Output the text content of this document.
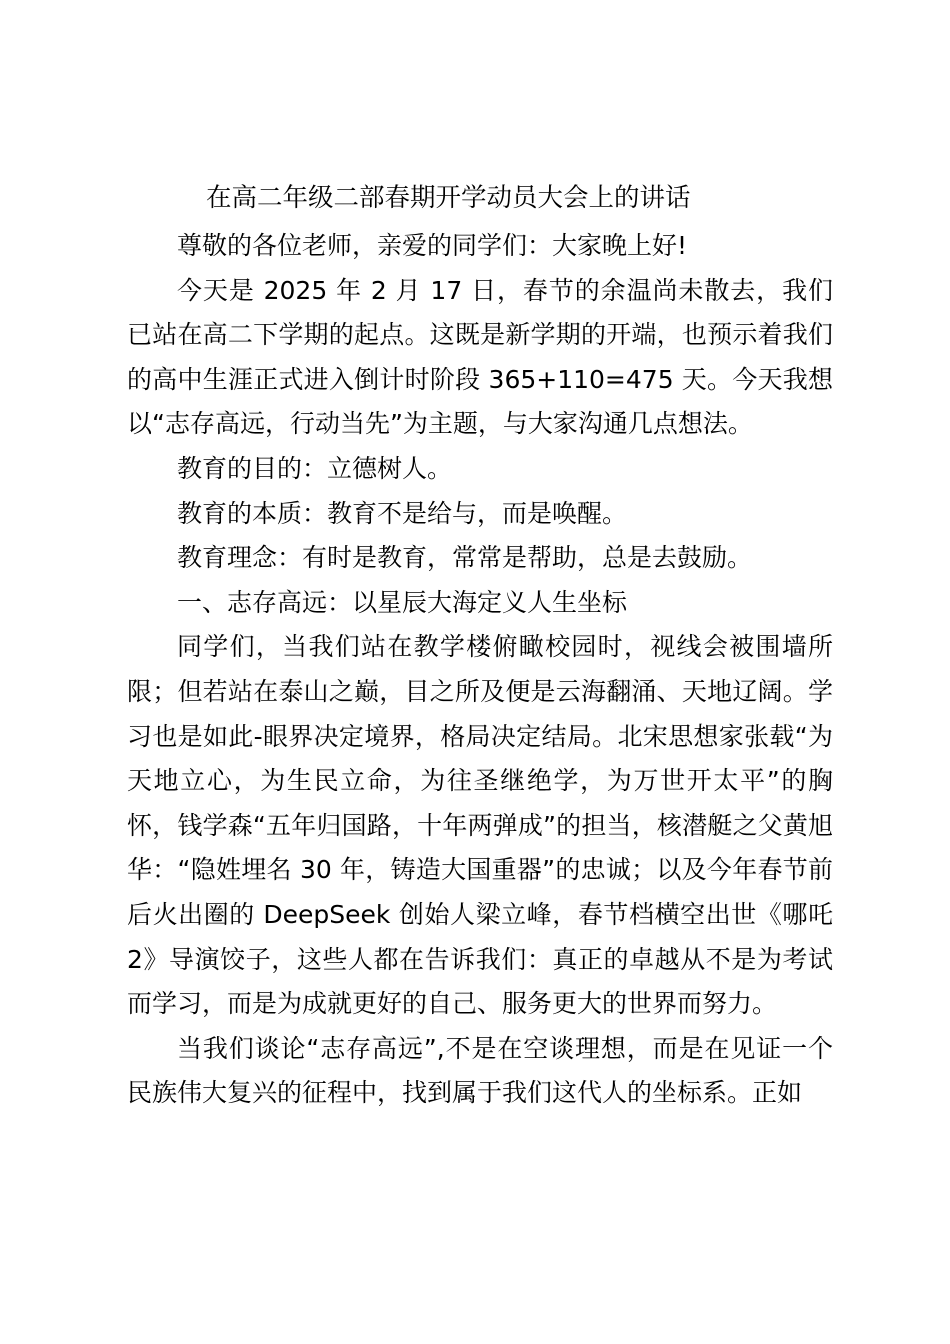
在高二年级二部春期开学动员大会上的讲话

尊敬的各位老师，亲爱的同学们：大家晚上好!

今天是 2025 年 2 月 17 日，春节的余温尚未散去，我们已站在高二下学期的起点。这既是新学期的开端，也预示着我们的高中生涯正式进入倒计时阶段 365+110=475 天。今天我想以“志存高远，行动当先”为主题，与大家沟通几点想法。

教育的目的：立德树人。

教育的本质：教育不是给与，而是唤醒。

教育理念：有时是教育，常常是帮助，总是去鼓励。

一、志存高远：以星辰大海定义人生坐标

同学们，当我们站在教学楼俯瞰校园时，视线会被围墙所限；但若站在泰山之巅，目之所及便是云海翻涌、天地辽阔。学习也是如此-眼界决定境界，格局决定结局。北宋思想家张载“为天地立心，为生民立命，为往圣继绝学，为万世开太平”的胸怀，钱学森“五年归国路，十年两弹成”的担当，核潜艇之父黄旭华：“隐姓埋名 30 年，铸造大国重器”的忠诚；以及今年春节前后火出圈的 DeepSeek 创始人梁立峰，春节档横空出世《哪吒 2》导演饺子，这些人都在告诉我们：真正的卓越从不是为考试而学习，而是为成就更好的自己、服务更大的世界而努力。

当我们谈论“志存高远”,不是在空谈理想，而是在见证一个民族伟大复兴的征程中，找到属于我们这代人的坐标系。正如
